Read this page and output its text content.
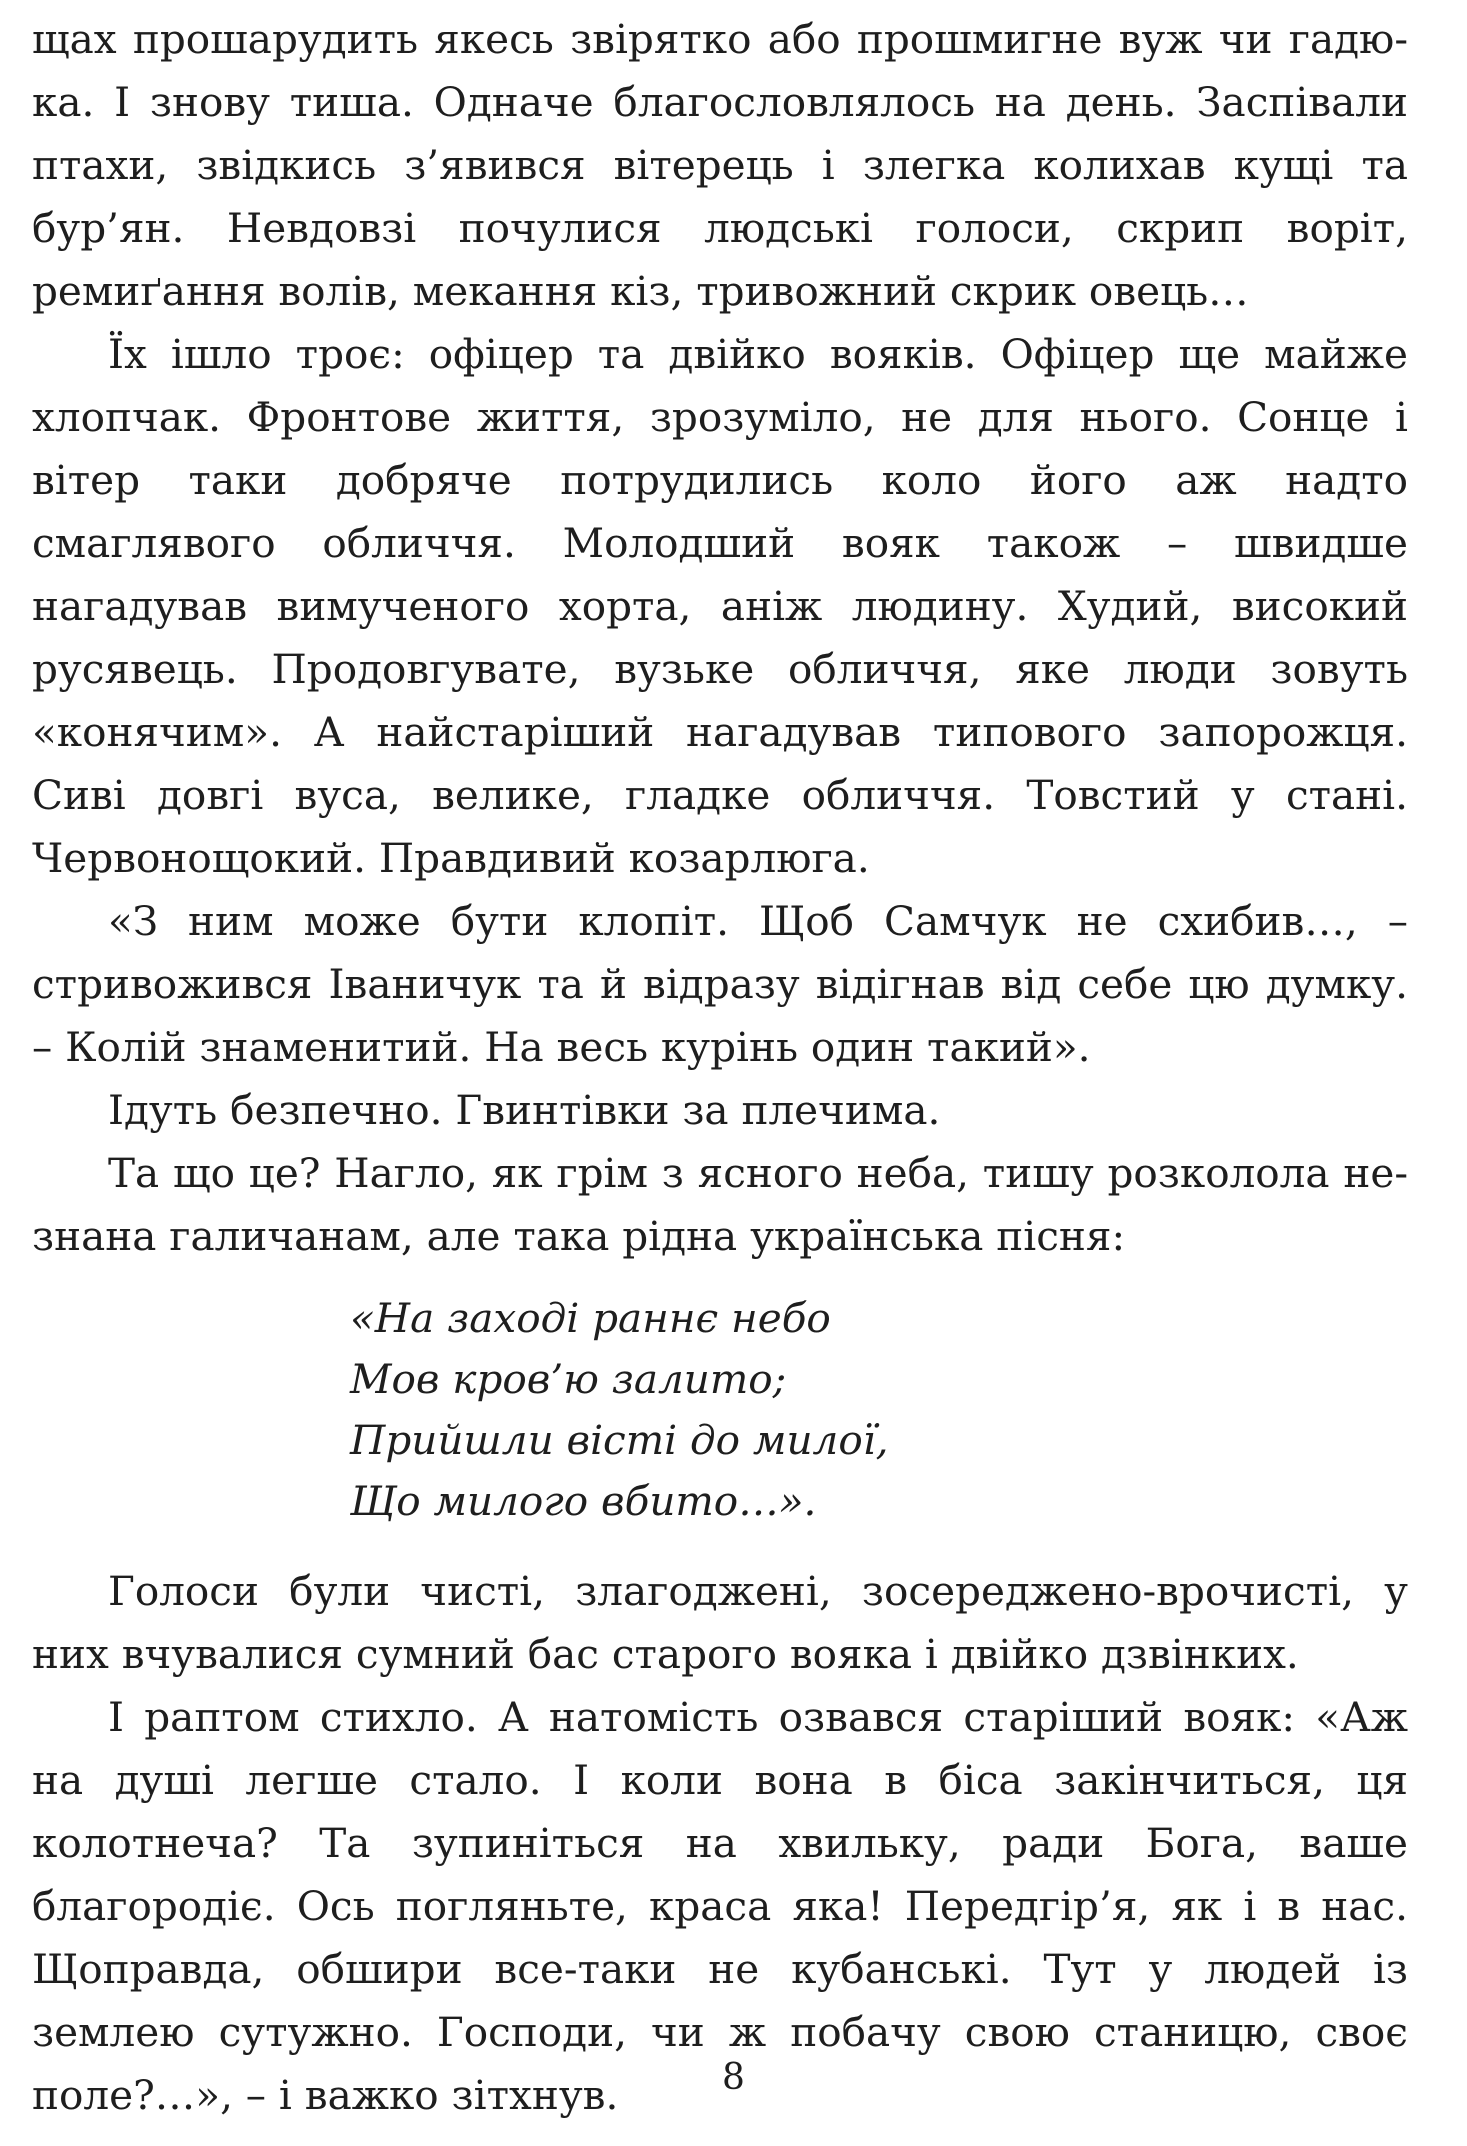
щах прошарудить якесь звірятко або прошмигне вуж чи гадюка. І знову тиша. Одначе благословлялось на день. Заспівали птахи, звідкись з’явився вітерець і злегка колихав кущі та бур’ян. Невдовзі почулися людські голоси, скрип воріт, ремиґання волів, мекання кіз, тривожний скрик овець…

Їх ішло троє: офіцер та двійко вояків. Офіцер ще майже хлопчак. Фронтове життя, зрозуміло, не для нього. Сонце і вітер таки добряче потрудились коло його аж надто смаглявого обличчя. Молодший вояк також – швидше нагадував вимученого хорта, аніж людину. Худий, високий русявець. Продовгувате, вузьке обличчя, яке люди зовуть «конячим». А найстаріший нагадував типового запорожця. Сиві довгі вуса, велике, гладке обличчя. Товстий у стані. Червонощокий. Правдивий козарлюга.

«З ним може бути клопіт. Щоб Самчук не схибив…, – стривожився Іваничук та й відразу відігнав від себе цю думку. – Колій знаменитий. На весь курінь один такий».

Ідуть безпечно. Гвинтівки за плечима.

Та що це? Нагло, як грім з ясного неба, тишу розколола незнана галичанам, але така рідна українська пісня:

«На заході раннє небо
Мов кров’ю залито;
Прийшли вісті до милої,
Що милого вбито…».

Голоси були чисті, злагоджені, зосереджено-врочисті, у них вчувалися сумний бас старого вояка і двійко дзвінких.

І раптом стихло. А натомість озвався старіший вояк: «Аж на душі легше стало. І коли вона в біса закінчиться, ця колотнеча? Та зупиніться на хвильку, ради Бога, ваше благородіє. Ось погляньте, краса яка! Передгір’я, як і в нас. Щоправда, обшири все-таки не кубанські. Тут у людей із землею сутужно. Господи, чи ж побачу свою станицю, своє поле?…», – і важко зітхнув.	8
